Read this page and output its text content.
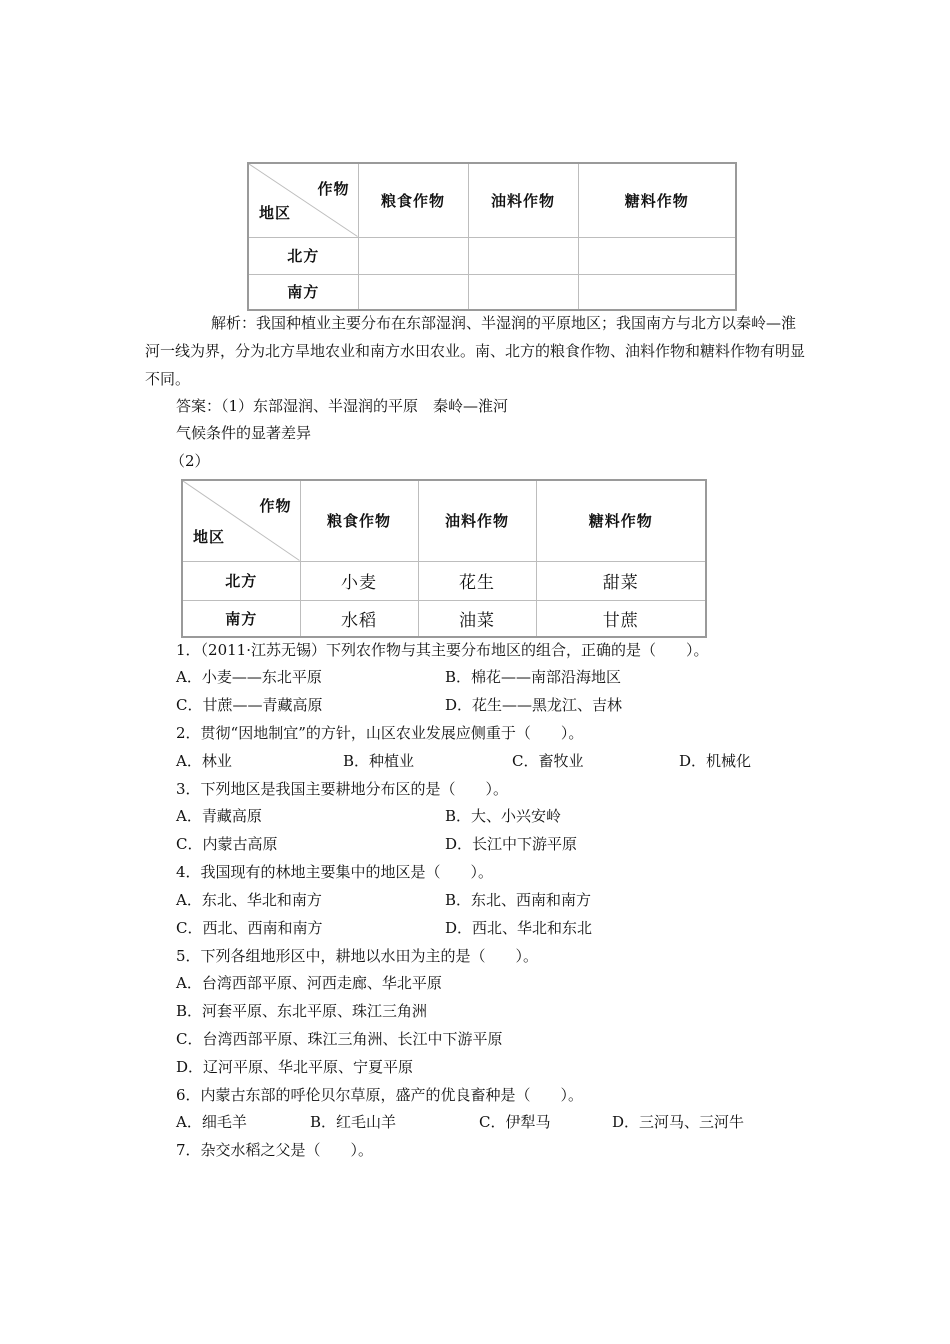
作物
地区	粮食作物	油料作物	糖料作物
北方			
南方			
解析：我国种植业主要分布在东部湿润、半湿润的平原地区；我国南方与北方以秦岭—淮河一线为界，分为北方旱地农业和南方水田农业。南、北方的粮食作物、油料作物和糖料作物有明显不同。
答案：（1）东部湿润、半湿润的平原　秦岭—淮河
气候条件的显著差异
（2）
作物
地区	粮食作物	油料作物	糖料作物
北方	小麦	花生	甜菜
南方	水稻	油菜	甘蔗
1．（2011·江苏无锡）下列农作物与其主要分布地区的组合，正确的是（　　）。
A．小麦——东北平原	B．棉花——南部沿海地区
C．甘蔗——青藏高原	D．花生——黑龙江、吉林
2．贯彻“因地制宜”的方针，山区农业发展应侧重于（　　）。
A．林业	B．种植业	C．畜牧业	D．机械化
3．下列地区是我国主要耕地分布区的是（　　）。
A．青藏高原	B．大、小兴安岭
C．内蒙古高原	D．长江中下游平原
4．我国现有的林地主要集中的地区是（　　）。
A．东北、华北和南方	B．东北、西南和南方
C．西北、西南和南方	D．西北、华北和东北
5．下列各组地形区中，耕地以水田为主的是（　　）。
A．台湾西部平原、河西走廊、华北平原
B．河套平原、东北平原、珠江三角洲
C．台湾西部平原、珠江三角洲、长江中下游平原
D．辽河平原、华北平原、宁夏平原
6．内蒙古东部的呼伦贝尔草原，盛产的优良畜种是（　　）。
A．细毛羊	B．红毛山羊	C．伊犁马	D．三河马、三河牛
7．杂交水稻之父是（　　）。
